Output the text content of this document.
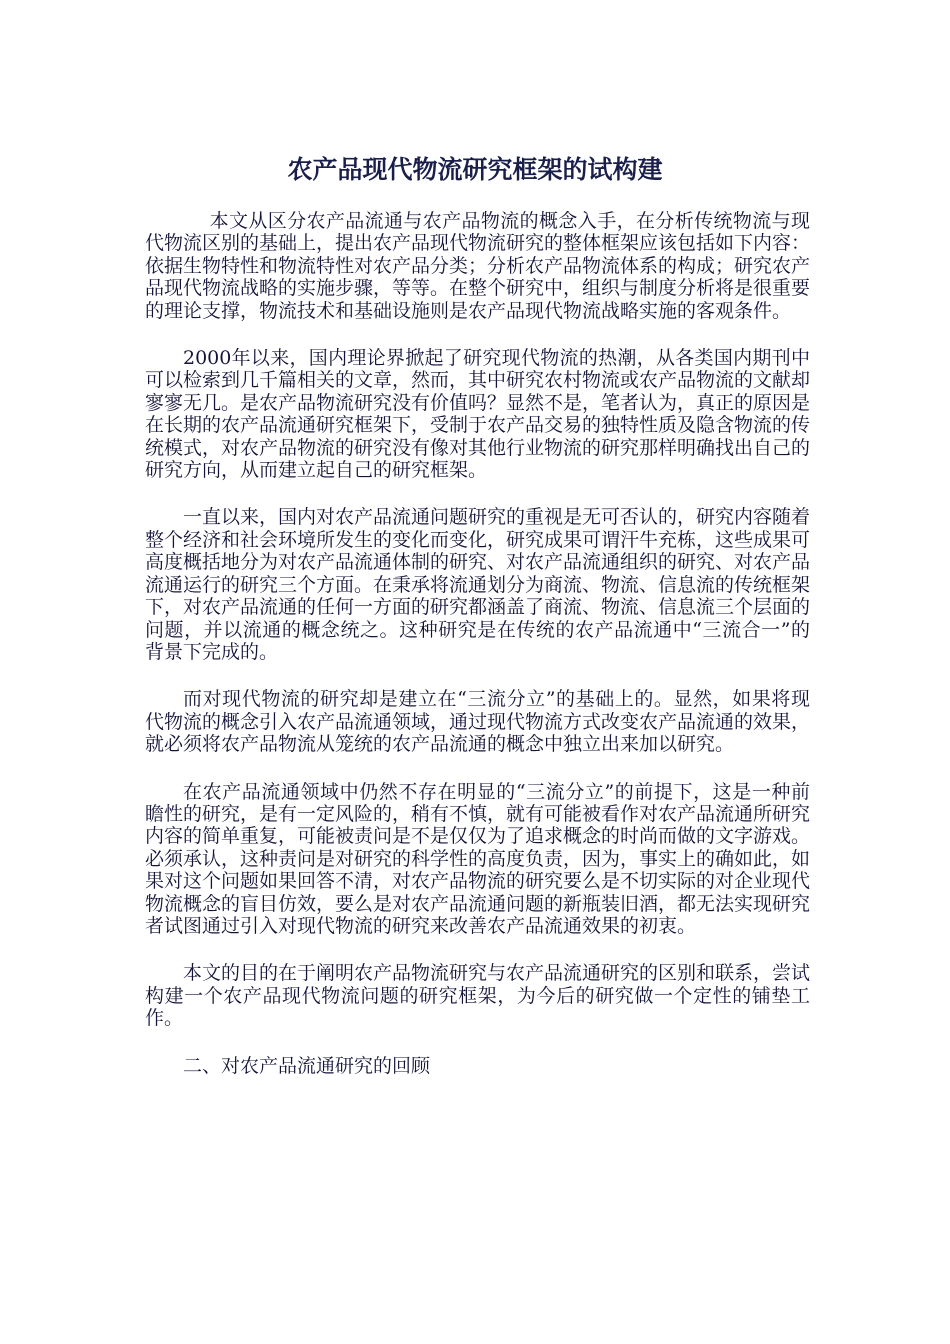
农产品现代物流研究框架的试构建

本文从区分农产品流通与农产品物流的概念入手，在分析传统物流与现代物流区别的基础上，提出农产品现代物流研究的整体框架应该包括如下内容：依据生物特性和物流特性对农产品分类；分析农产品物流体系的构成；研究农产品现代物流战略的实施步骤，等等。在整个研究中，组织与制度分析将是很重要的理论支撑，物流技术和基础设施则是农产品现代物流战略实施的客观条件。

2000年以来，国内理论界掀起了研究现代物流的热潮，从各类国内期刊中可以检索到几千篇相关的文章，然而，其中研究农村物流或农产品物流的文献却寥寥无几。是农产品物流研究没有价值吗？显然不是，笔者认为，真正的原因是在长期的农产品流通研究框架下，受制于农产品交易的独特性质及隐含物流的传统模式，对农产品物流的研究没有像对其他行业物流的研究那样明确找出自己的研究方向，从而建立起自己的研究框架。

一直以来，国内对农产品流通问题研究的重视是无可否认的，研究内容随着整个经济和社会环境所发生的变化而变化，研究成果可谓汗牛充栋，这些成果可高度概括地分为对农产品流通体制的研究、对农产品流通组织的研究、对农产品流通运行的研究三个方面。在秉承将流通划分为商流、物流、信息流的传统框架下，对农产品流通的任何一方面的研究都涵盖了商流、物流、信息流三个层面的问题，并以流通的概念统之。这种研究是在传统的农产品流通中“三流合一”的背景下完成的。

而对现代物流的研究却是建立在“三流分立”的基础上的。显然，如果将现代物流的概念引入农产品流通领域，通过现代物流方式改变农产品流通的效果，就必须将农产品物流从笼统的农产品流通的概念中独立出来加以研究。

在农产品流通领域中仍然不存在明显的“三流分立”的前提下，这是一种前瞻性的研究，是有一定风险的，稍有不慎，就有可能被看作对农产品流通所研究内容的简单重复，可能被责问是不是仅仅为了追求概念的时尚而做的文字游戏。必须承认，这种责问是对研究的科学性的高度负责，因为，事实上的确如此，如果对这个问题如果回答不清，对农产品物流的研究要么是不切实际的对企业现代物流概念的盲目仿效，要么是对农产品流通问题的新瓶装旧酒，都无法实现研究者试图通过引入对现代物流的研究来改善农产品流通效果的初衷。

本文的目的在于阐明农产品物流研究与农产品流通研究的区别和联系，尝试构建一个农产品现代物流问题的研究框架，为今后的研究做一个定性的铺垫工作。

二、对农产品流通研究的回顾
